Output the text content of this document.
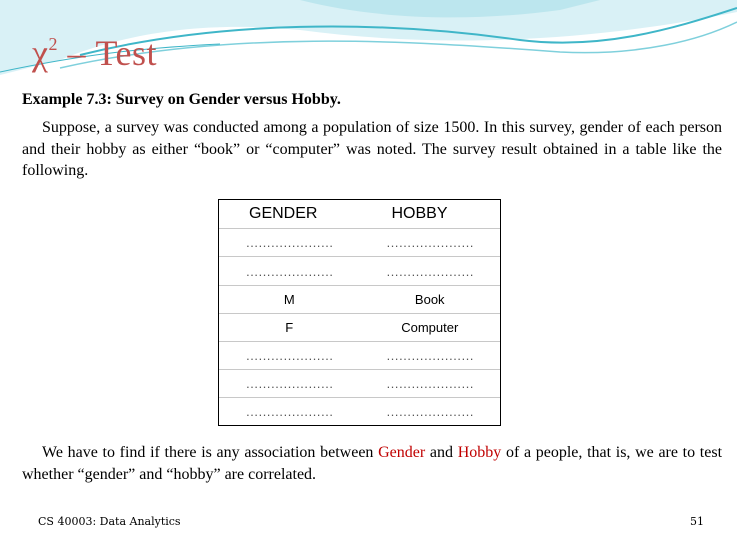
$\chi^2$ – Test
Example 7.3: Survey on Gender versus Hobby.
Suppose, a survey was conducted among a population of size 1500. In this survey, gender of each person and their hobby as either “book” or “computer” was noted. The survey result obtained in a table like the following.
GENDER	HOBBY
…………………	…………………
…………………	…………………
M	Book
F	Computer
…………………	…………………
…………………	…………………
…………………	…………………
We have to find if there is any association between Gender and Hobby of a people, that is, we are to test whether “gender” and “hobby” are correlated.
CS 40003: Data Analytics	51
